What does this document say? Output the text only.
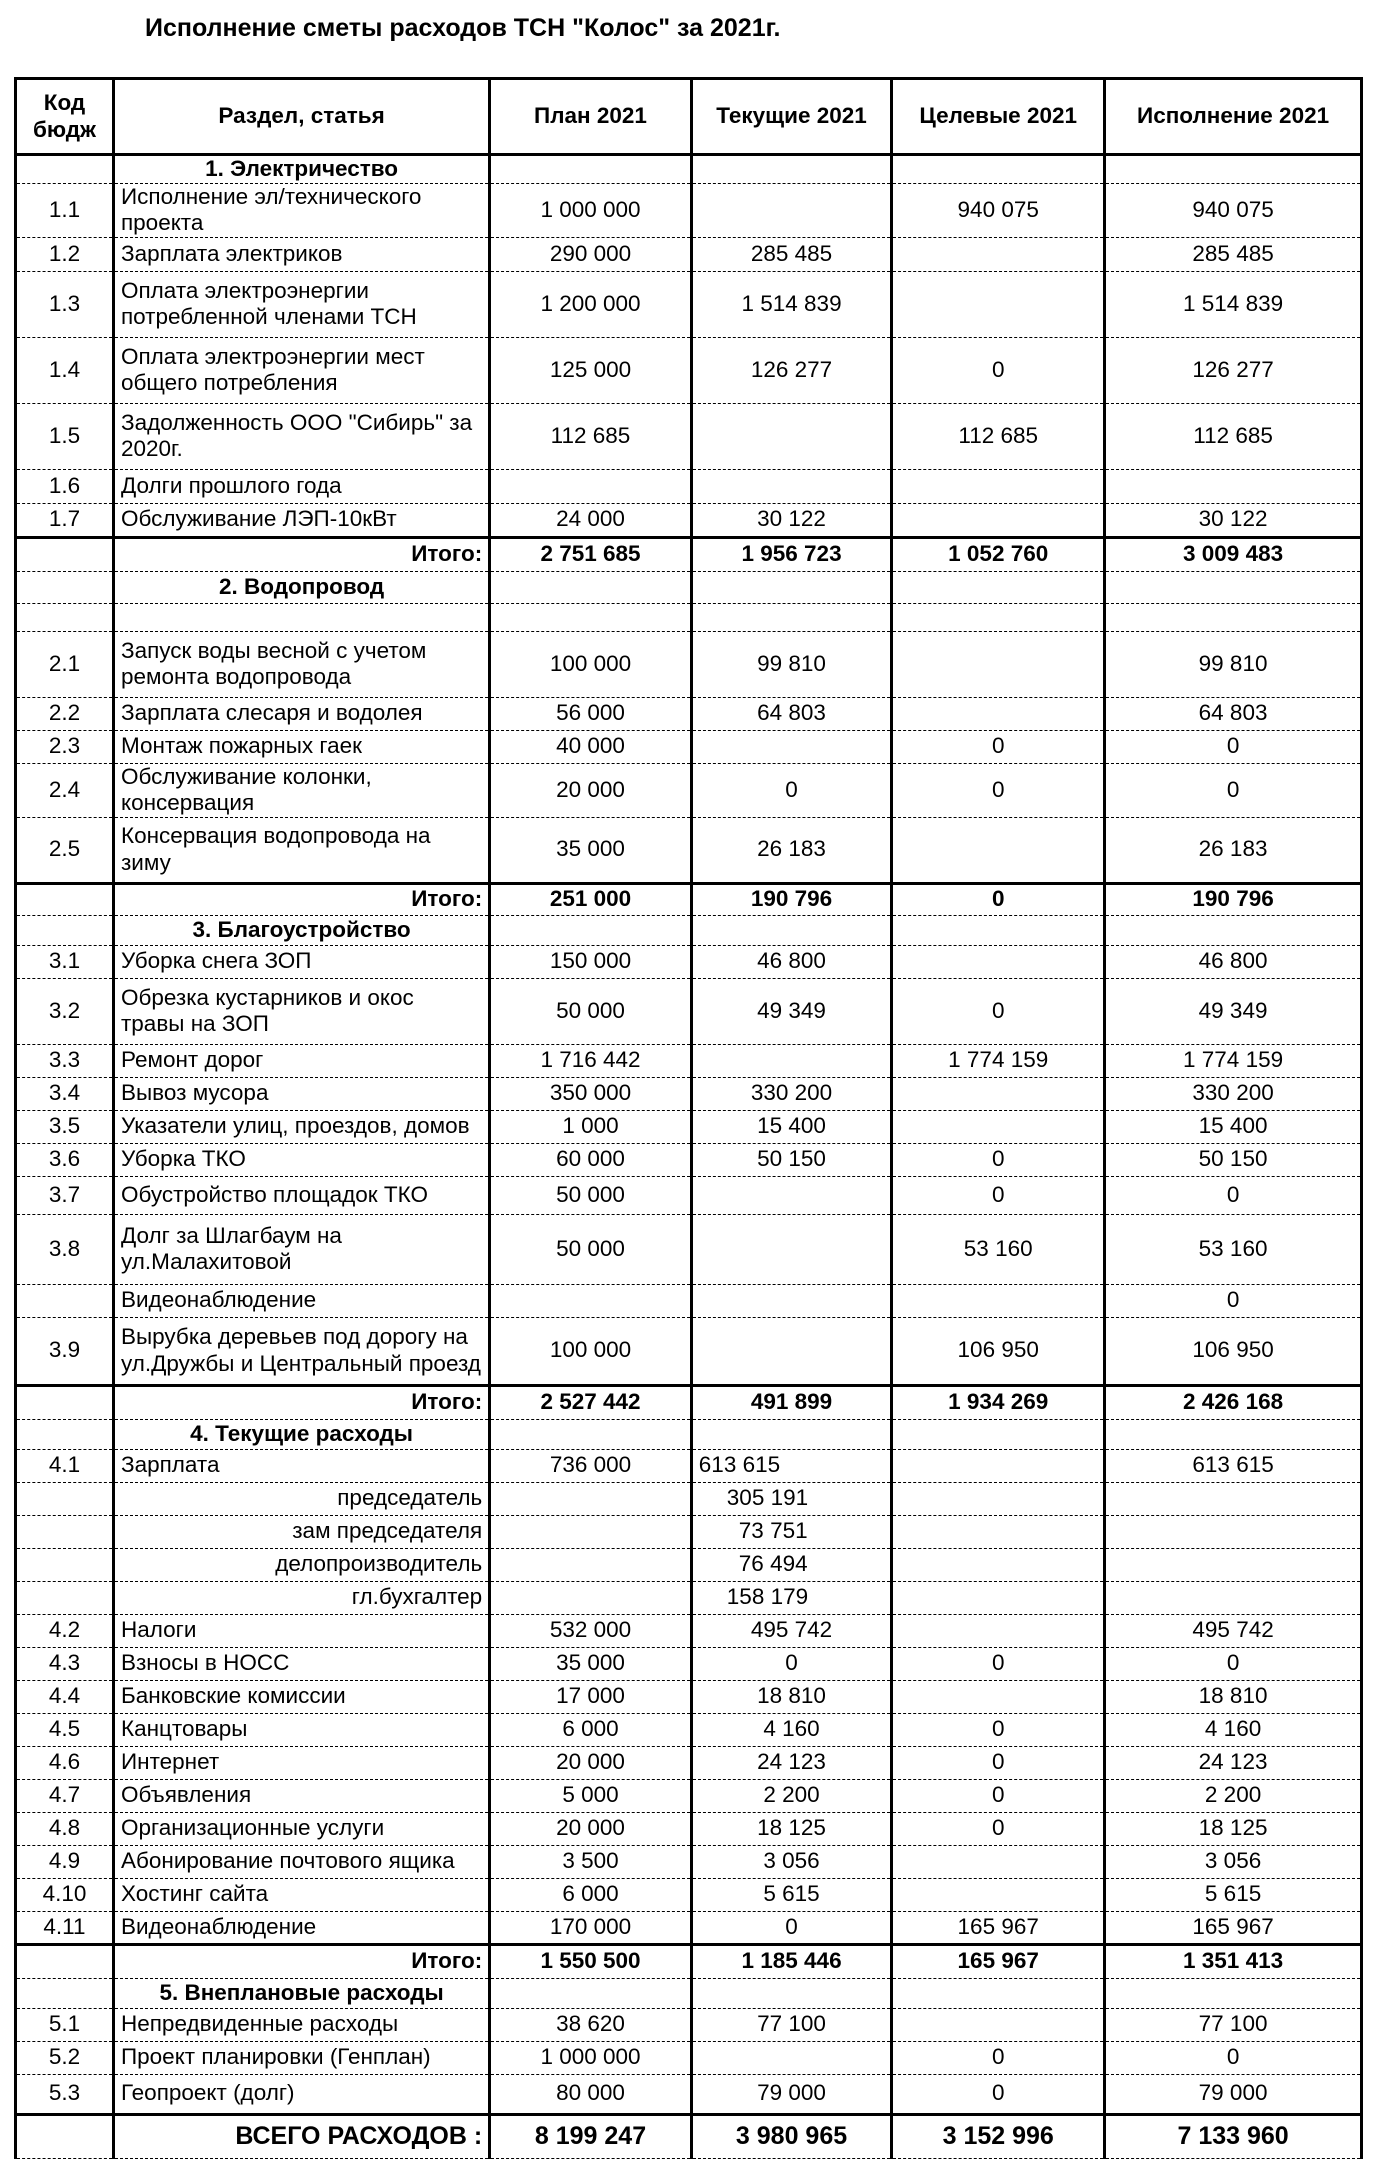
Исполнение сметы расходов ТСН "Колос" за 2021г.
Код бюдж	Раздел, статья	План 2021	Текущие 2021	Целевые 2021	Исполнение 2021
	1. Электричество				
1.1	Исполнение эл/технического проекта	1 000 000		940 075	940 075
1.2	Зарплата электриков	290 000	285 485		285 485
1.3	Оплата электроэнергии потребленной членами ТСН	1 200 000	1 514 839		1 514 839
1.4	Оплата электроэнергии мест общего потребления	125 000	126 277	0	126 277
1.5	Задолженность ООО "Сибирь" за 2020г.	112 685		112 685	112 685
1.6	Долги прошлого года				
1.7	Обслуживание ЛЭП-10кВт	24 000	30 122		30 122
	Итого:	2 751 685	1 956 723	1 052 760	3 009 483
	2. Водопровод				

2.1	Запуск воды весной с учетом ремонта водопровода	100 000	99 810		99 810
2.2	Зарплата слесаря и водолея	56 000	64 803		64 803
2.3	Монтаж пожарных гаек	40 000		0	0
2.4	Обслуживание колонки, консервация	20 000	0	0	0
2.5	Консервация водопровода на зиму	35 000	26 183		26 183
	Итого:	251 000	190 796	0	190 796
	3. Благоустройство				
3.1	Уборка снега ЗОП	150 000	46 800		46 800
3.2	Обрезка кустарников и окос травы на ЗОП	50 000	49 349	0	49 349
3.3	Ремонт дорог	1 716 442		1 774 159	1 774 159
3.4	Вывоз мусора	350 000	330 200		330 200
3.5	Указатели улиц, проездов, домов	1 000	15 400		15 400
3.6	Уборка ТКО	60 000	50 150	0	50 150
3.7	Обустройство площадок ТКО	50 000		0	0
3.8	Долг за Шлагбаум на ул.Малахитовой	50 000		53 160	53 160
	Видеонаблюдение				0
3.9	Вырубка деревьев под дорогу на ул.Дружбы и Центральный проезд	100 000		106 950	106 950
	Итого:	2 527 442	491 899	1 934 269	2 426 168
	4. Текущие расходы				
4.1	Зарплата	736 000	613 615		613 615
	председатель		305 191		
	зам председателя		73 751		
	делопроизводитель		76 494		
	гл.бухгалтер		158 179		
4.2	Налоги	532 000	495 742		495 742
4.3	Взносы в НОСС	35 000	0	0	0
4.4	Банковские комиссии	17 000	18 810		18 810
4.5	Канцтовары	6 000	4 160	0	4 160
4.6	Интернет	20 000	24 123	0	24 123
4.7	Объявления	5 000	2 200	0	2 200
4.8	Организационные услуги	20 000	18 125	0	18 125
4.9	Абонирование почтового ящика	3 500	3 056		3 056
4.10	Хостинг сайта	6 000	5 615		5 615
4.11	Видеонаблюдение	170 000	0	165 967	165 967
	Итого:	1 550 500	1 185 446	165 967	1 351 413
	5. Внеплановые расходы				
5.1	Непредвиденные расходы	38 620	77 100		77 100
5.2	Проект планировки (Генплан)	1 000 000		0	0
5.3	Геопроект (долг)	80 000	79 000	0	79 000
	ВСЕГО РАСХОДОВ :	8 199 247	3 980 965	3 152 996	7 133 960
